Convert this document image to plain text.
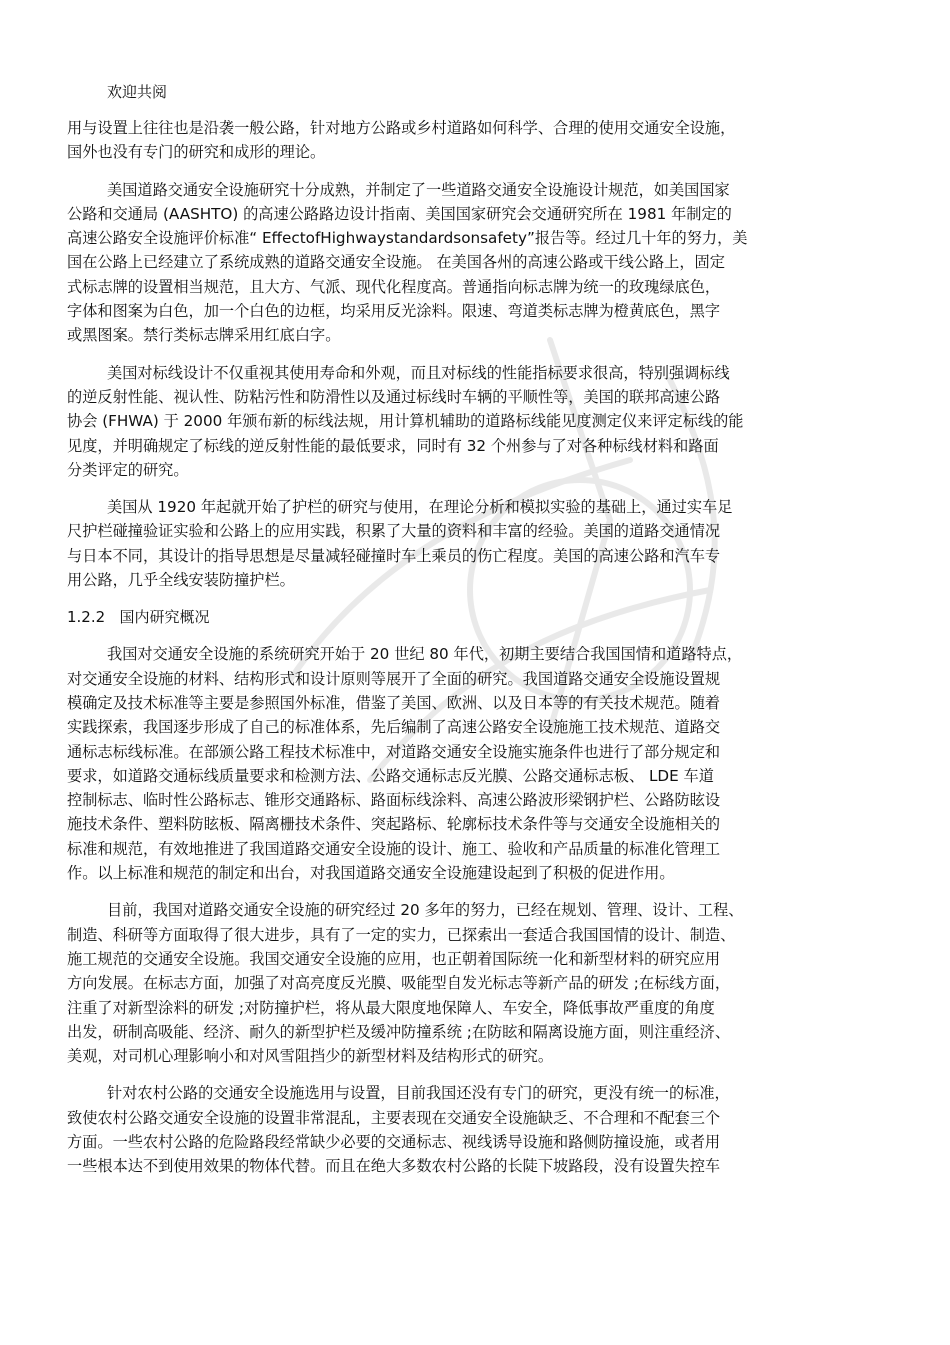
欢迎共阅

用与设置上往往也是沿袭一般公路，针对地方公路或乡村道路如何科学、合理的使用交通安全设施，
国外也没有专门的研究和成形的理论。

美国道路交通安全设施研究十分成熟，并制定了一些道路交通安全设施设计规范，如美国国家
公路和交通局 (AASHTO) 的高速公路路边设计指南、美国国家研究会交通研究所在 1981 年制定的
高速公路安全设施评价标准“ EffectofHighwaystandardsonsafety”报告等。经过几十年的努力，美
国在公路上已经建立了系统成熟的道路交通安全设施。 在美国各州的高速公路或干线公路上，固定
式标志牌的设置相当规范，且大方、气派、现代化程度高。普通指向标志牌为统一的玫瑰绿底色，
字体和图案为白色，加一个白色的边框，均采用反光涂料。限速、弯道类标志牌为橙黄底色，黑字
或黑图案。禁行类标志牌采用红底白字。

美国对标线设计不仅重视其使用寿命和外观，而且对标线的性能指标要求很高，特别强调标线
的逆反射性能、视认性、防粘污性和防滑性以及通过标线时车辆的平顺性等，美国的联邦高速公路
协会 (FHWA) 于 2000 年颁布新的标线法规，用计算机辅助的道路标线能见度测定仪来评定标线的能
见度，并明确规定了标线的逆反射性能的最低要求，同时有 32 个州参与了对各种标线材料和路面
分类评定的研究。

美国从 1920 年起就开始了护栏的研究与使用，在理论分析和模拟实验的基础上，通过实车足
尺护栏碰撞验证实验和公路上的应用实践，积累了大量的资料和丰富的经验。美国的道路交通情况
与日本不同，其设计的指导思想是尽量减轻碰撞时车上乘员的伤亡程度。美国的高速公路和汽车专
用公路，几乎全线安装防撞护栏。

1.2.2 国内研究概况

我国对交通安全设施的系统研究开始于 20 世纪 80 年代，初期主要结合我国国情和道路特点，
对交通安全设施的材料、结构形式和设计原则等展开了全面的研究。我国道路交通安全设施设置规
模确定及技术标准等主要是参照国外标准，借鉴了美国、欧洲、以及日本等的有关技术规范。随着
实践探索，我国逐步形成了自己的标准体系，先后编制了高速公路安全设施施工技术规范、道路交
通标志标线标准。在部颁公路工程技术标准中，对道路交通安全设施实施条件也进行了部分规定和
要求，如道路交通标线质量要求和检测方法、公路交通标志反光膜、公路交通标志板、 LDE 车道
控制标志、临时性公路标志、锥形交通路标、路面标线涂料、高速公路波形梁钢护栏、公路防眩设
施技术条件、塑料防眩板、隔离栅技术条件、突起路标、轮廓标技术条件等与交通安全设施相关的
标准和规范，有效地推进了我国道路交通安全设施的设计、施工、验收和产品质量的标准化管理工
作。以上标准和规范的制定和出台，对我国道路交通安全设施建设起到了积极的促进作用。

目前，我国对道路交通安全设施的研究经过 20 多年的努力，已经在规划、管理、设计、工程、
制造、科研等方面取得了很大进步，具有了一定的实力，已探索出一套适合我国国情的设计、制造、
施工规范的交通安全设施。我国交通安全设施的应用，也正朝着国际统一化和新型材料的研究应用
方向发展。在标志方面，加强了对高亮度反光膜、吸能型自发光标志等新产品的研发 ;在标线方面，
注重了对新型涂料的研发 ;对防撞护栏，将从最大限度地保障人、车安全，降低事故严重度的角度
出发，研制高吸能、经济、耐久的新型护栏及缓冲防撞系统 ;在防眩和隔离设施方面，则注重经济、
美观，对司机心理影响小和对风雪阻挡少的新型材料及结构形式的研究。

针对农村公路的交通安全设施选用与设置，目前我国还没有专门的研究，更没有统一的标准，
致使农村公路交通安全设施的设置非常混乱，主要表现在交通安全设施缺乏、不合理和不配套三个
方面。一些农村公路的危险路段经常缺少必要的交通标志、视线诱导设施和路侧防撞设施，或者用
一些根本达不到使用效果的物体代替。而且在绝大多数农村公路的长陡下坡路段，没有设置失控车
